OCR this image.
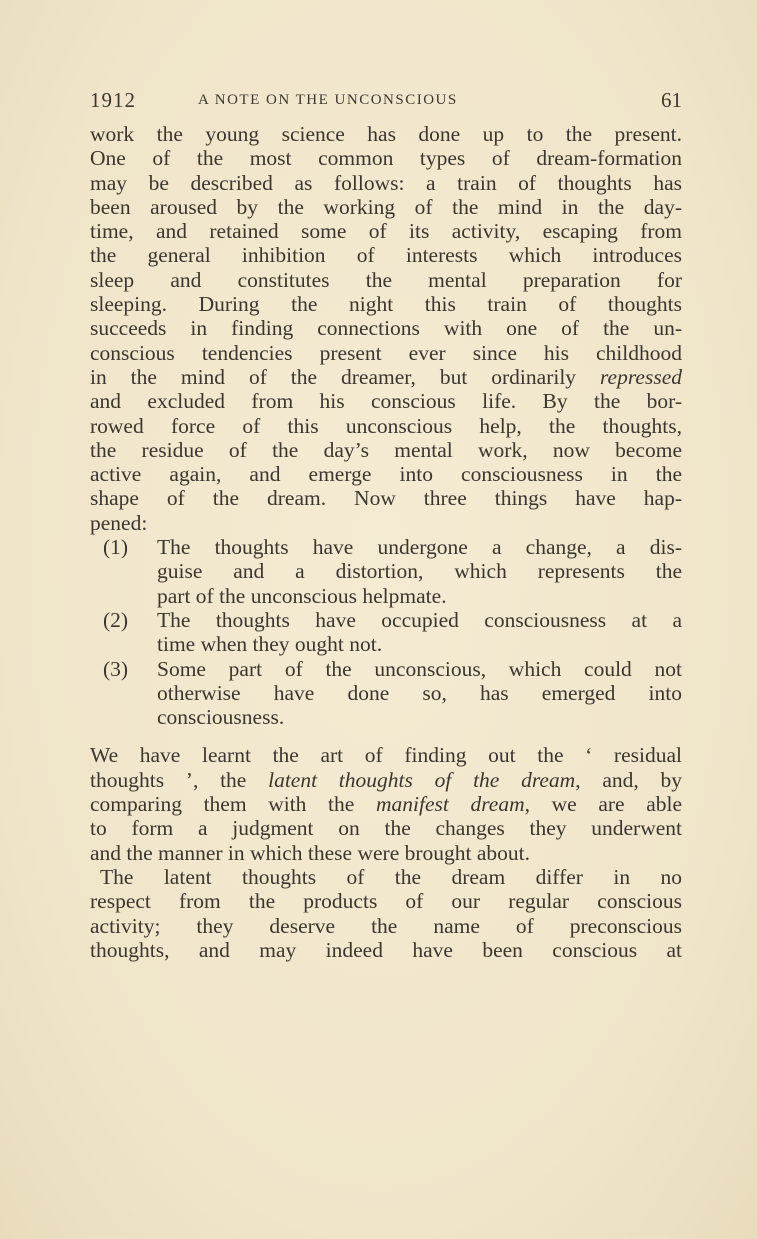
1912	A NOTE ON THE UNCONSCIOUS	61
work the young science has done up to the present.
One of the most common types of dream-formation
may be described as follows: a train of thoughts has
been aroused by the working of the mind in the day-
time, and retained some of its activity, escaping from
the general inhibition of interests which introduces
sleep and constitutes the mental preparation for
sleeping. During the night this train of thoughts
succeeds in finding connections with one of the un-
conscious tendencies present ever since his childhood
in the mind of the dreamer, but ordinarily repressed
and excluded from his conscious life. By the bor-
rowed force of this unconscious help, the thoughts,
the residue of the day’s mental work, now become
active again, and emerge into consciousness in the
shape of the dream. Now three things have hap-
pened:
(1) The thoughts have undergone a change, a dis-
guise and a distortion, which represents the
part of the unconscious helpmate.
(2) The thoughts have occupied consciousness at a
time when they ought not.
(3) Some part of the unconscious, which could not
otherwise have done so, has emerged into
consciousness.
We have learnt the art of finding out the ‘ residual
thoughts ’, the latent thoughts of the dream, and, by
comparing them with the manifest dream, we are able
to form a judgment on the changes they underwent
and the manner in which these were brought about.
The latent thoughts of the dream differ in no
respect from the products of our regular conscious
activity; they deserve the name of preconscious
thoughts, and may indeed have been conscious at
